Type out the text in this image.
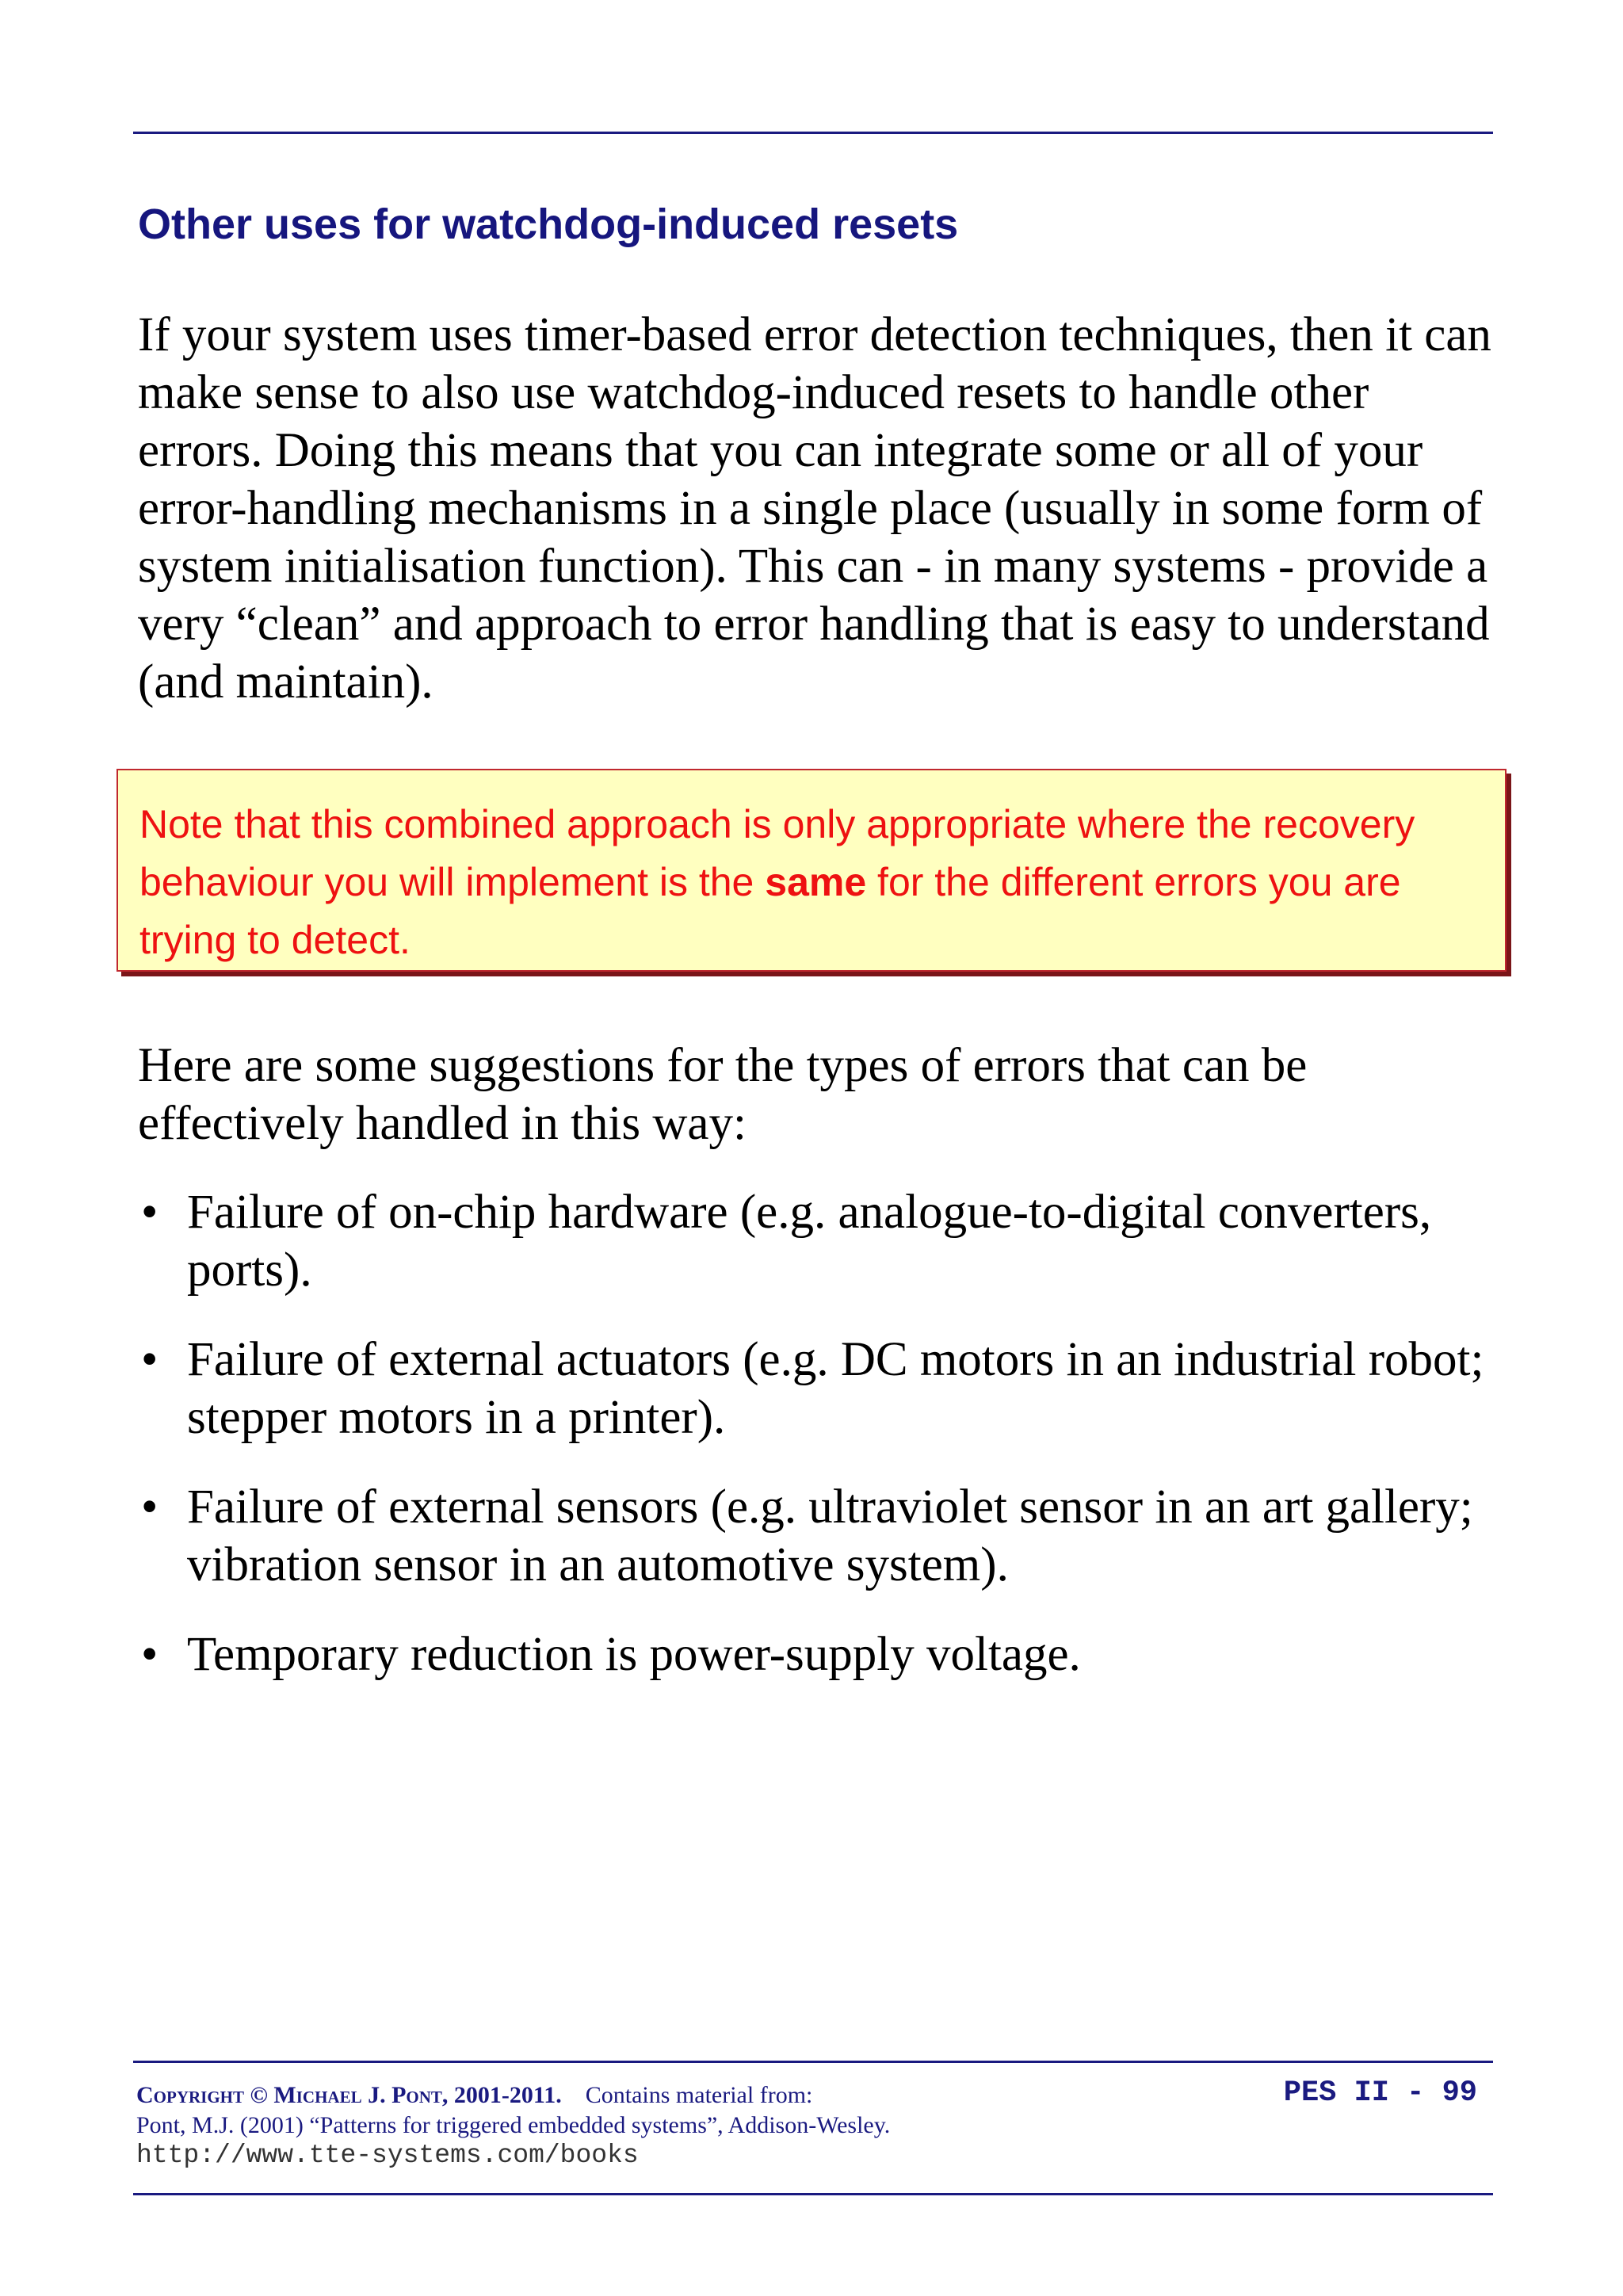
Other uses for watchdog-induced resets

If your system uses timer-based error detection techniques, then it can make sense to also use watchdog-induced resets to handle other errors. Doing this means that you can integrate some or all of your error-handling mechanisms in a single place (usually in some form of system initialisation function). This can - in many systems - provide a very “clean” and approach to error handling that is easy to understand (and maintain).

Note that this combined approach is only appropriate where the recovery behaviour you will implement is the same for the different errors you are trying to detect.

Here are some suggestions for the types of errors that can be effectively handled in this way:

• Failure of on-chip hardware (e.g. analogue-to-digital converters, ports).
• Failure of external actuators (e.g. DC motors in an industrial robot; stepper motors in a printer).
• Failure of external sensors (e.g. ultraviolet sensor in an art gallery; vibration sensor in an automotive system).
• Temporary reduction is power-supply voltage.

Copyright © Michael J. Pont, 2001-2011. Contains material from:

Pont, M.J. (2001) “Patterns for triggered embedded systems”, Addison-Wesley.

http://www.tte-systems.com/books

PES II - 99
